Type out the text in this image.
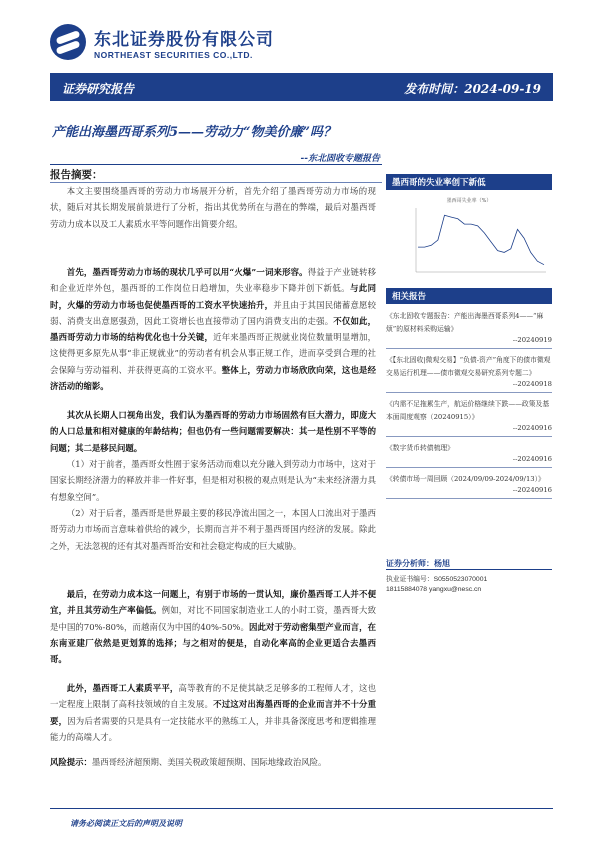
东北证券股份有限公司
NORTHEAST SECURITIES CO.,LTD.
证券研究报告	发布时间：2024-09-19
产能出海墨西哥系列5——劳动力“物美价廉”吗？
--东北固收专题报告
报告摘要：
本文主要围绕墨西哥的劳动力市场展开分析，首先介绍了墨西哥劳动力市场的现状，随后对其长期发展前景进行了分析，指出其优势所在与潜在的弊端，最后对墨西哥劳动力成本以及工人素质水平等问题作出简要介绍。
首先，墨西哥劳动力市场的现状几乎可以用“火爆”一词来形容。得益于产业链转移和企业近岸外包，墨西哥的工作岗位日趋增加，失业率稳步下降并创下新低。与此同时，火爆的劳动力市场也促使墨西哥的工资水平快速抬升，并且由于其国民储蓄意愿较弱、消费支出意愿强劲，因此工资增长也直接带动了国内消费支出的走强。不仅如此，墨西哥劳动力市场的结构优化也十分关键，近年来墨西哥正规就业岗位数量明显增加，这使得更多原先从事“非正规就业”的劳动者有机会从事正规工作，进而享受到合理的社会保障与劳动福利、并获得更高的工资水平。整体上，劳动力市场欣欣向荣，这也是经济活动的缩影。
其次从长期人口视角出发，我们认为墨西哥的劳动力市场固然有巨大潜力，即庞大的人口总量和相对健康的年龄结构；但也仍有一些问题需要解决：其一是性别不平等的问题；其二是移民问题。
（1）对于前者，墨西哥女性囿于家务活动而难以充分融入到劳动力市场中，这对于国家长期经济潜力的释放并非一件好事，但是相对积极的观点则是认为“未来经济潜力具有想象空间”。
（2）对于后者，墨西哥是世界最主要的移民净流出国之一，本国人口流出对于墨西哥劳动力市场而言意味着供给的减少，长期而言并不利于墨西哥国内经济的发展。除此之外，无法忽视的还有其对墨西哥治安和社会稳定构成的巨大威胁。
最后，在劳动力成本这一问题上，有别于市场的一贯认知，廉价墨西哥工人并不便宜，并且其劳动生产率偏低。例如，对比不同国家制造业工人的小时工资，墨西哥大致是中国的70%-80%，而越南仅为中国的40%-50%。因此对于劳动密集型产业而言，在东南亚建厂依然是更划算的选择；与之相对的便是，自动化率高的企业更适合去墨西哥。
此外，墨西哥工人素质平平，高等教育的不足使其缺乏足够多的工程师人才，这也一定程度上限制了高科技领域的自主发展。不过这对出海墨西哥的企业而言并不十分重要，因为后者需要的只是具有一定技能水平的熟练工人，并非具备深度思考和逻辑推理能力的高端人才。
风险提示：墨西哥经济超预期、美国关税政策超预期、国际地缘政治风险。
墨西哥的失业率创下新低
墨西哥失业率（%）
相关报告
《东北固收专题报告：产能出海墨西哥系列4——“麻烦”的原材料采购运输》
--20240919
《【东北固收|微观交易】“负债-资产”角度下的债市微观交易运行机理——债市微观交易研究系列专题二》
--20240918
《内需不足拖累生产，航运价格继续下跌——政策及基本面周度观察（20240915）》
--20240916
《数字货币转债梳理》
--20240916
《转债市场一周回顾（2024/09/09-2024/09/13）》
--20240916
证券分析师：杨旭
执业证书编号：S0550523070001
18115884078 yangxu@nesc.cn
请务必阅读正文后的声明及说明
